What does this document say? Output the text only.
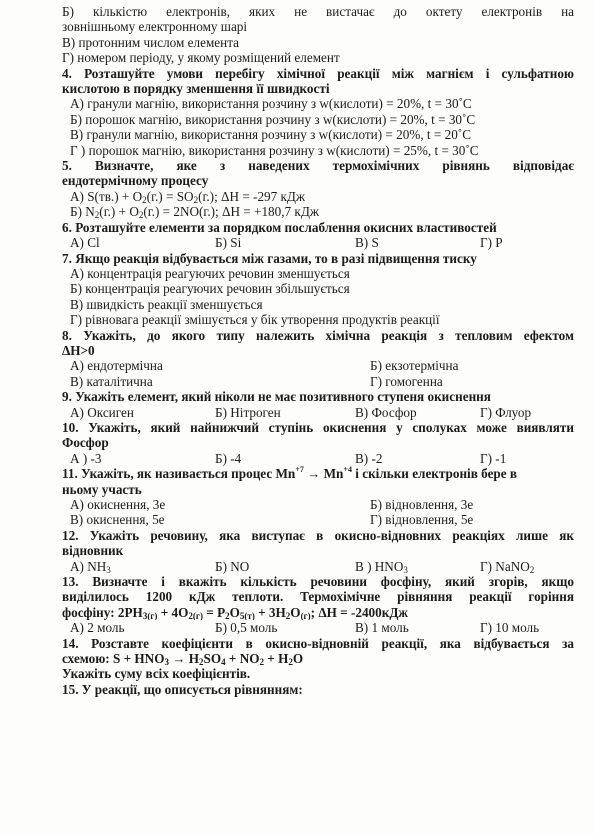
Б) кількістю електронів, яких не вистачає до октету електронів на
зовнішньому електронному шарі
В) протонним числом елемента
Г) номером періоду, у якому розміщений елемент
4. Розташуйте умови перебігу хімічної реакції між магнієм і сульфатною
кислотою в порядку зменшення її швидкості
А) гранули магнію, використання розчину з w(кислоти) = 20%, t = 30˚C
Б) порошок магнію, використання розчину з w(кислоти) = 20%, t = 30˚C
В) гранули магнію, використання розчину з w(кислоти) = 20%, t = 20˚C
Г ) порошок магнію, використання розчину з w(кислоти) = 25%, t = 30˚C
5. Визначте, яке з наведених термохімічних рівнянь відповідає
ендотермічному процесу
А) $S(тв.) + O_2(г.) = SO_2(г.)$; ΔH = -297 кДж
Б) $N_2(г.) + O_2(г.) = 2NO(г.)$; ΔH = +180,7 кДж
6. Розташуйте елементи за порядком послаблення окисних властивостей
А) Cl	Б) Si	В) S	Г) P
7. Якщо реакція відбувається між газами, то в разі підвищення тиску
А) концентрація реагуючих речовин зменшується
Б) концентрація реагуючих речовин збільшується
В) швидкість реакції зменшується
Г) рівновага реакції змішується у бік утворення продуктів реакції
8. Укажіть, до якого типу належить хімічна реакція з тепловим ефектом
ΔH>0
А) ендотермічна	Б) екзотермічна
В) каталітична	Г) гомогенна
9. Укажіть елемент, який ніколи не має позитивного ступеня окиснення
А) Оксиген	Б) Нітроген	В) Фосфор	Г) Флуор
10. Укажіть, який найнижчий ступінь окиснення у сполуках може виявляти
Фосфор
А ) -3	Б) -4	В) -2	Г) -1
11. Укажіть, як називається процес $Mn^{+7} \to Mn^{+4}$ і скільки електронів бере в
ньому участь
А) окиснення, 3е	Б) відновлення, 3е
В) окиснення, 5е	Г) відновлення, 5е
12. Укажіть речовину, яка виступає в окисно-відновних реакціях лише як
відновник
А) $NH_3$	Б) NO	В ) $HNO_3$	Г) NaNO$_2$
13. Визначте і вкажіть кількість речовини фосфіну, який згорів, якщо
виділилось 1200 кДж теплоти. Термохімічне рівняння реакції горіння
фосфіну: $2PH_{3(г)} + 4O_{2(г)} = P_2O_{5(т)} + 3H_2O_{(г)}$; ΔH = -2400кДж
А) 2 моль	Б) 0,5 моль	В) 1 моль	Г) 10 моль
14. Розставте коефіцієнти в окисно-відновній реакції, яка відбувається за
схемою: $S + HNO_3 \to H_2SO_4 + NO_2 + H_2O$
Укажіть суму всіх коефіцієнтів.
15. У реакції, що описується рівнянням:
